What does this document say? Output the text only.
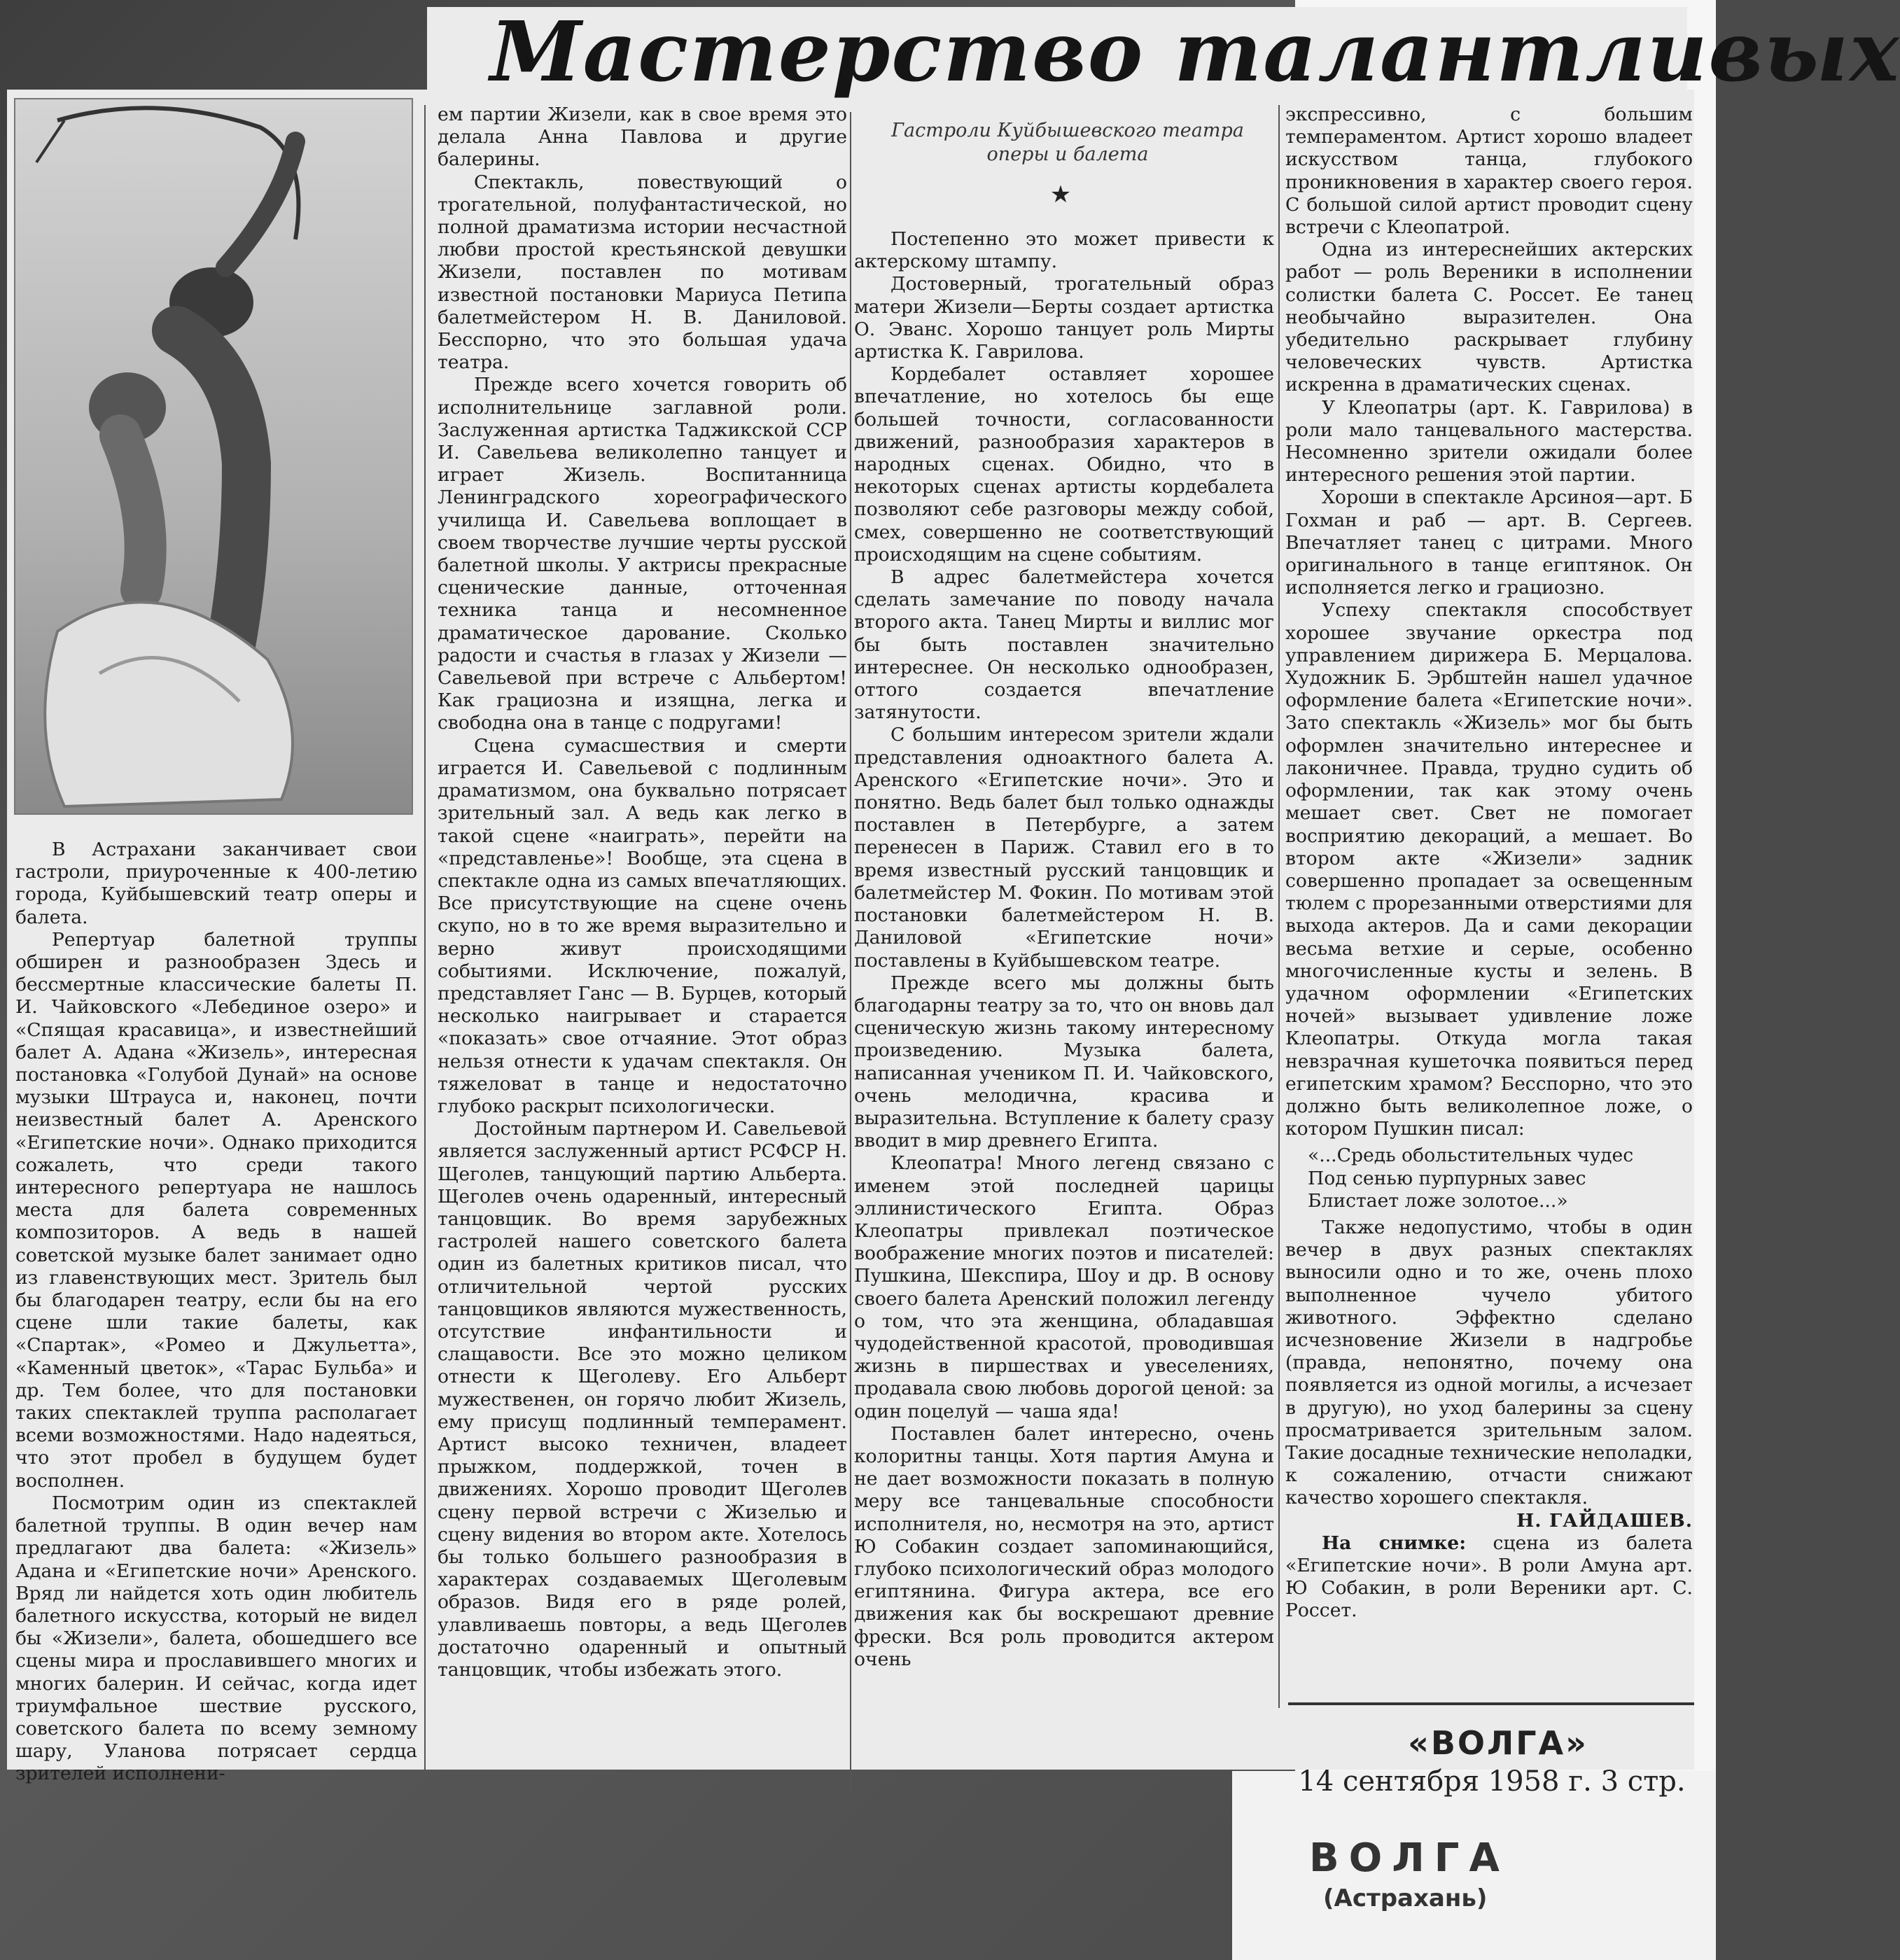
Мастерство талантливых

В Астрахани заканчивает свои гастроли, приуроченные к 400-летию города, Куйбышевский театр оперы и балета.

Репертуар балетной труппы обширен и разнообразен Здесь и бессмертные классические балеты П. И. Чайковского «Лебединое озеро» и «Спящая красавица», и известнейший балет А. Адана «Жизель», интересная постановка «Голубой Дунай» на основе музыки Штрауса и, наконец, почти неизвестный балет А. Аренского «Египетские ночи». Однако приходится сожалеть, что среди такого интересного репертуара не нашлось места для балета современных композиторов. А ведь в нашей советской музыке балет занимает одно из главенствующих мест. Зритель был бы благодарен театру, если бы на его сцене шли такие балеты, как «Спартак», «Ромео и Джульетта», «Каменный цветок», «Тарас Бульба» и др. Тем более, что для постановки таких спектаклей труппа располагает всеми возможностями. Надо надеяться, что этот пробел в будущем будет восполнен.

Посмотрим один из спектаклей балетной труппы. В один вечер нам предлагают два балета: «Жизель» Адана и «Египетские ночи» Аренского. Вряд ли найдется хоть один любитель балетного искусства, который не видел бы «Жизели», балета, обошедшего все сцены мира и прославившего многих и многих балерин. И сейчас, когда идет триумфальное шествие русского, советского балета по всему земному шару, Уланова потрясает сердца зрителей исполнени-

ем партии Жизели, как в свое время это делала Анна Павлова и другие балерины.

Спектакль, повествующий о трогательной, полуфантастической, но полной драматизма истории несчастной любви простой крестьянской девушки Жизели, поставлен по мотивам известной постановки Мариуса Петипа балетмейстером Н. В. Даниловой. Бесспорно, что это большая удача театра.

Прежде всего хочется говорить об исполнительнице заглавной роли. Заслуженная артистка Таджикской ССР И. Савельева великолепно танцует и играет Жизель. Воспитанница Ленинградского хореографического училища И. Савельева воплощает в своем творчестве лучшие черты русской балетной школы. У актрисы прекрасные сценические данные, отточенная техника танца и несомненное драматическое дарование. Сколько радости и счастья в глазах у Жизели — Савельевой при встрече с Альбертом! Как грациозна и изящна, легка и свободна она в танце с подругами!

Сцена сумасшествия и смерти играется И. Савельевой с подлинным драматизмом, она буквально потрясает зрительный зал. А ведь как легко в такой сцене «наиграть», перейти на «представленье»! Вообще, эта сцена в спектакле одна из самых впечатляющих. Все присутствующие на сцене очень скупо, но в то же время выразительно и верно живут происходящими событиями. Исключение, пожалуй, представляет Ганс — В. Бурцев, который несколько наигрывает и старается «показать» свое отчаяние. Этот образ нельзя отнести к удачам спектакля. Он тяжеловат в танце и недостаточно глубоко раскрыт психологически.

Достойным партнером И. Савельевой является заслуженный артист РСФСР Н. Щеголев, танцующий партию Альберта. Щеголев очень одаренный, интересный танцовщик. Во время зарубежных гастролей нашего советского балета один из балетных критиков писал, что отличительной чертой русских танцовщиков являются мужественность, отсутствие инфантильности и слащавости. Все это можно целиком отнести к Щеголеву. Его Альберт мужественен, он горячо любит Жизель, ему присущ подлинный темперамент. Артист высоко техничен, владеет прыжком, поддержкой, точен в движениях. Хорошо проводит Щеголев сцену первой встречи с Жизелью и сцену видения во втором акте. Хотелось бы только большего разнообразия в характерах создаваемых Щеголевым образов. Видя его в ряде ролей, улавливаешь повторы, а ведь Щеголев достаточно одаренный и опытный танцовщик, чтобы избежать этого.

Гастроли Куйбышевского театра оперы и балета
★

Постепенно это может привести к актерскому штампу.

Достоверный, трогательный образ матери Жизели—Берты создает артистка О. Эванс. Хорошо танцует роль Мирты артистка К. Гаврилова.

Кордебалет оставляет хорошее впечатление, но хотелось бы еще большей точности, согласованности движений, разнообразия характеров в народных сценах. Обидно, что в некоторых сценах артисты кордебалета позволяют себе разговоры между собой, смех, совершенно не соответствующий происходящим на сцене событиям.

В адрес балетмейстера хочется сделать замечание по поводу начала второго акта. Танец Мирты и виллис мог бы быть поставлен значительно интереснее. Он несколько однообразен, оттого создается впечатление затянутости.

С большим интересом зрители ждали представления одноактного балета А. Аренского «Египетские ночи». Это и понятно. Ведь балет был только однажды поставлен в Петербурге, а затем перенесен в Париж. Ставил его в то время известный русский танцовщик и балетмейстер М. Фокин. По мотивам этой постановки балетмейстером Н. В. Даниловой «Египетские ночи» поставлены в Куйбышевском театре.

Прежде всего мы должны быть благодарны театру за то, что он вновь дал сценическую жизнь такому интересному произведению. Музыка балета, написанная учеником П. И. Чайковского, очень мелодична, красива и выразительна. Вступление к балету сразу вводит в мир древнего Египта.

Клеопатра! Много легенд связано с именем этой последней царицы эллинистического Египта. Образ Клеопатры привлекал поэтическое воображение многих поэтов и писателей: Пушкина, Шекспира, Шоу и др. В основу своего балета Аренский положил легенду о том, что эта женщина, обладавшая чудодейственной красотой, проводившая жизнь в пиршествах и увеселениях, продавала свою любовь дорогой ценой: за один поцелуй — чаша яда!

Поставлен балет интересно, очень колоритны танцы. Хотя партия Амуна и не дает возможности показать в полную меру все танцевальные способности исполнителя, но, несмотря на это, артист Ю Собакин создает запоминающийся, глубоко психологический образ молодого египтянина. Фигура актера, все его движения как бы воскрешают древние фрески. Вся роль проводится актером очень

экспрессивно, с большим темпераментом. Артист хорошо владеет искусством танца, глубокого проникновения в характер своего героя. С большой силой артист проводит сцену встречи с Клеопатрой.

Одна из интереснейших актерских работ — роль Вереники в исполнении солистки балета С. Россет. Ее танец необычайно выразителен. Она убедительно раскрывает глубину человеческих чувств. Артистка искренна в драматических сценах.

У Клеопатры (арт. К. Гаврилова) в роли мало танцевального мастерства. Несомненно зрители ожидали более интересного решения этой партии.

Хороши в спектакле Арсиноя—арт. Б Гохман и раб — арт. В. Сергеев. Впечатляет танец с цитрами. Много оригинального в танце египтянок. Он исполняется легко и грациозно.

Успеху спектакля способствует хорошее звучание оркестра под управлением дирижера Б. Мерцалова. Художник Б. Эрбштейн нашел удачное оформление балета «Египетские ночи». Зато спектакль «Жизель» мог бы быть оформлен значительно интереснее и лаконичнее. Правда, трудно судить об оформлении, так как этому очень мешает свет. Свет не помогает восприятию декораций, а мешает. Во втором акте «Жизели» задник совершенно пропадает за освещенным тюлем с прорезанными отверстиями для выхода актеров. Да и сами декорации весьма ветхие и серые, особенно многочисленные кусты и зелень. В удачном оформлении «Египетских ночей» вызывает удивление ложе Клеопатры. Откуда могла такая невзрачная кушеточка появиться перед египетским храмом? Бесспорно, что это должно быть великолепное ложе, о котором Пушкин писал:

«...Средь обольстительных чудес
Под сенью пурпурных завес
Блистает ложе золотое...»

Также недопустимо, чтобы в один вечер в двух разных спектаклях выносили одно и то же, очень плохо выполненное чучело убитого животного. Эффектно сделано исчезновение Жизели в надгробье (правда, непонятно, почему она появляется из одной могилы, а исчезает в другую), но уход балерины за сцену просматривается зрительным залом. Такие досадные технические неполадки, к сожалению, отчасти снижают качество хорошего спектакля.

Н. ГАЙДАШЕВ.

На снимке: сцена из балета «Египетские ночи». В роли Амуна арт. Ю Собакин, в роли Вереники арт. С. Россет.

«ВОЛГА»
14 сентября 1958 г. 3 стр.
ВОЛГА
(Астрахань)
